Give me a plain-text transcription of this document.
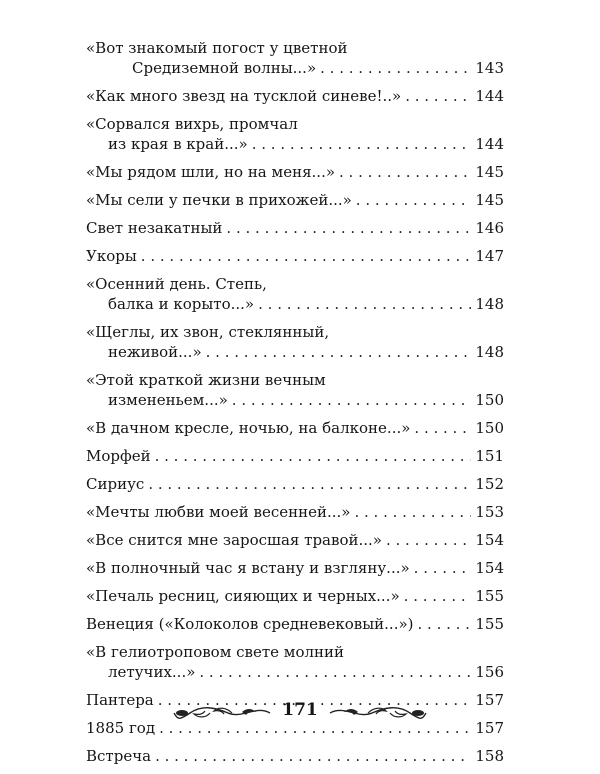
«Вот знакомый погост у цветной
Средиземной волны...» . . .	143
«Как много звезд на тусклой синеве!..» . . .	144
«Сорвался вихрь, промчал
из края в край...» . . .	144
«Мы рядом шли, но на меня...» . . .	145
«Мы сели у печки в прихожей...» . . .	145
Свет незакатный . . .	146
Укоры . . .	147
«Осенний день. Степь,
балка и корыто...» . . .	148
«Щеглы, их звон, стеклянный,
неживой...» . . .	148
«Этой краткой жизни вечным
измененьем...» . . .	150
«В дачном кресле, ночью, на балконе...» . . .	150
Морфей . . .	151
Сириус . . .	152
«Мечты любви моей весенней...» . . .	153
«Все снится мне заросшая травой...» . . .	154
«В полночный час я встану и взгляну...» . . .	154
«Печаль ресниц, сияющих и черных...» . . .	155
Венеция («Колоколов средневековый...») . . .	155
«В гелиотроповом свете молний
летучих...» . . .	156
Пантера . . .	157
1885 год . . .	157
Встреча . . .	158
171
